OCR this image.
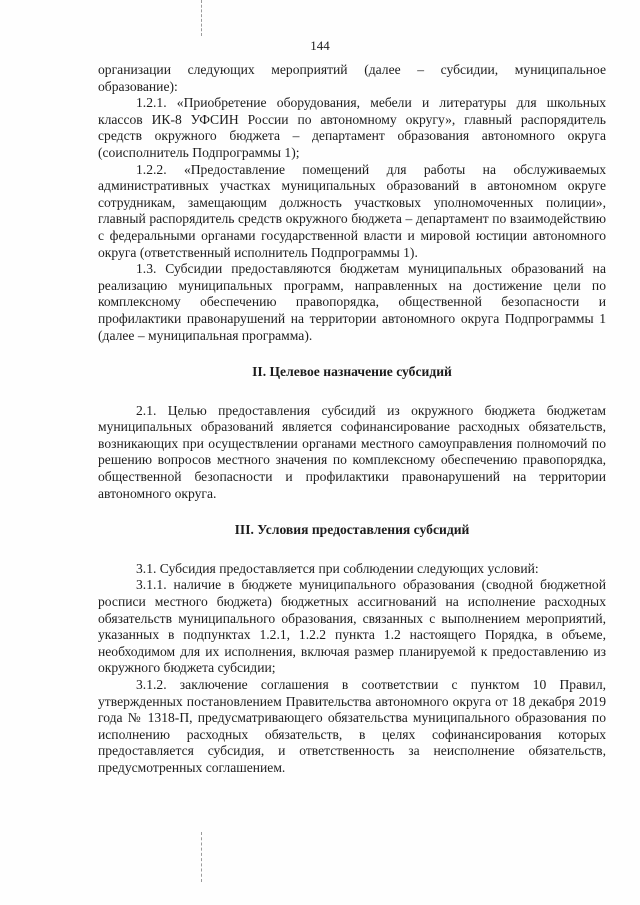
144

организации следующих мероприятий (далее – субсидии, муниципальное образование):

1.2.1. «Приобретение оборудования, мебели и литературы для школьных классов ИК-8 УФСИН России по автономному округу», главный распорядитель средств окружного бюджета – департамент образования автономного округа (соисполнитель Подпрограммы 1);

1.2.2. «Предоставление помещений для работы на обслуживаемых административных участках муниципальных образований в автономном округе сотрудникам, замещающим должность участковых уполномоченных полиции», главный распорядитель средств окружного бюджета – департамент по взаимодействию с федеральными органами государственной власти и мировой юстиции автономного округа (ответственный исполнитель Подпрограммы 1).

1.3. Субсидии предоставляются бюджетам муниципальных образований на реализацию муниципальных программ, направленных на достижение цели по комплексному обеспечению правопорядка, общественной безопасности и профилактики правонарушений на территории автономного округа Подпрограммы 1 (далее – муниципальная программа).

II. Целевое назначение субсидий

2.1. Целью предоставления субсидий из окружного бюджета бюджетам муниципальных образований является софинансирование расходных обязательств, возникающих при осуществлении органами местного самоуправления полномочий по решению вопросов местного значения по комплексному обеспечению правопорядка, общественной безопасности и профилактики правонарушений на территории автономного округа.

III. Условия предоставления субсидий

3.1. Субсидия предоставляется при соблюдении следующих условий:

3.1.1. наличие в бюджете муниципального образования (сводной бюджетной росписи местного бюджета) бюджетных ассигнований на исполнение расходных обязательств муниципального образования, связанных с выполнением мероприятий, указанных в подпунктах 1.2.1, 1.2.2 пункта 1.2 настоящего Порядка, в объеме, необходимом для их исполнения, включая размер планируемой к предоставлению из окружного бюджета субсидии;

3.1.2. заключение соглашения в соответствии с пунктом 10 Правил, утвержденных постановлением Правительства автономного округа от 18 декабря 2019 года № 1318-П, предусматривающего обязательства муниципального образования по исполнению расходных обязательств, в целях софинансирования которых предоставляется субсидия, и ответственность за неисполнение обязательств, предусмотренных соглашением.
